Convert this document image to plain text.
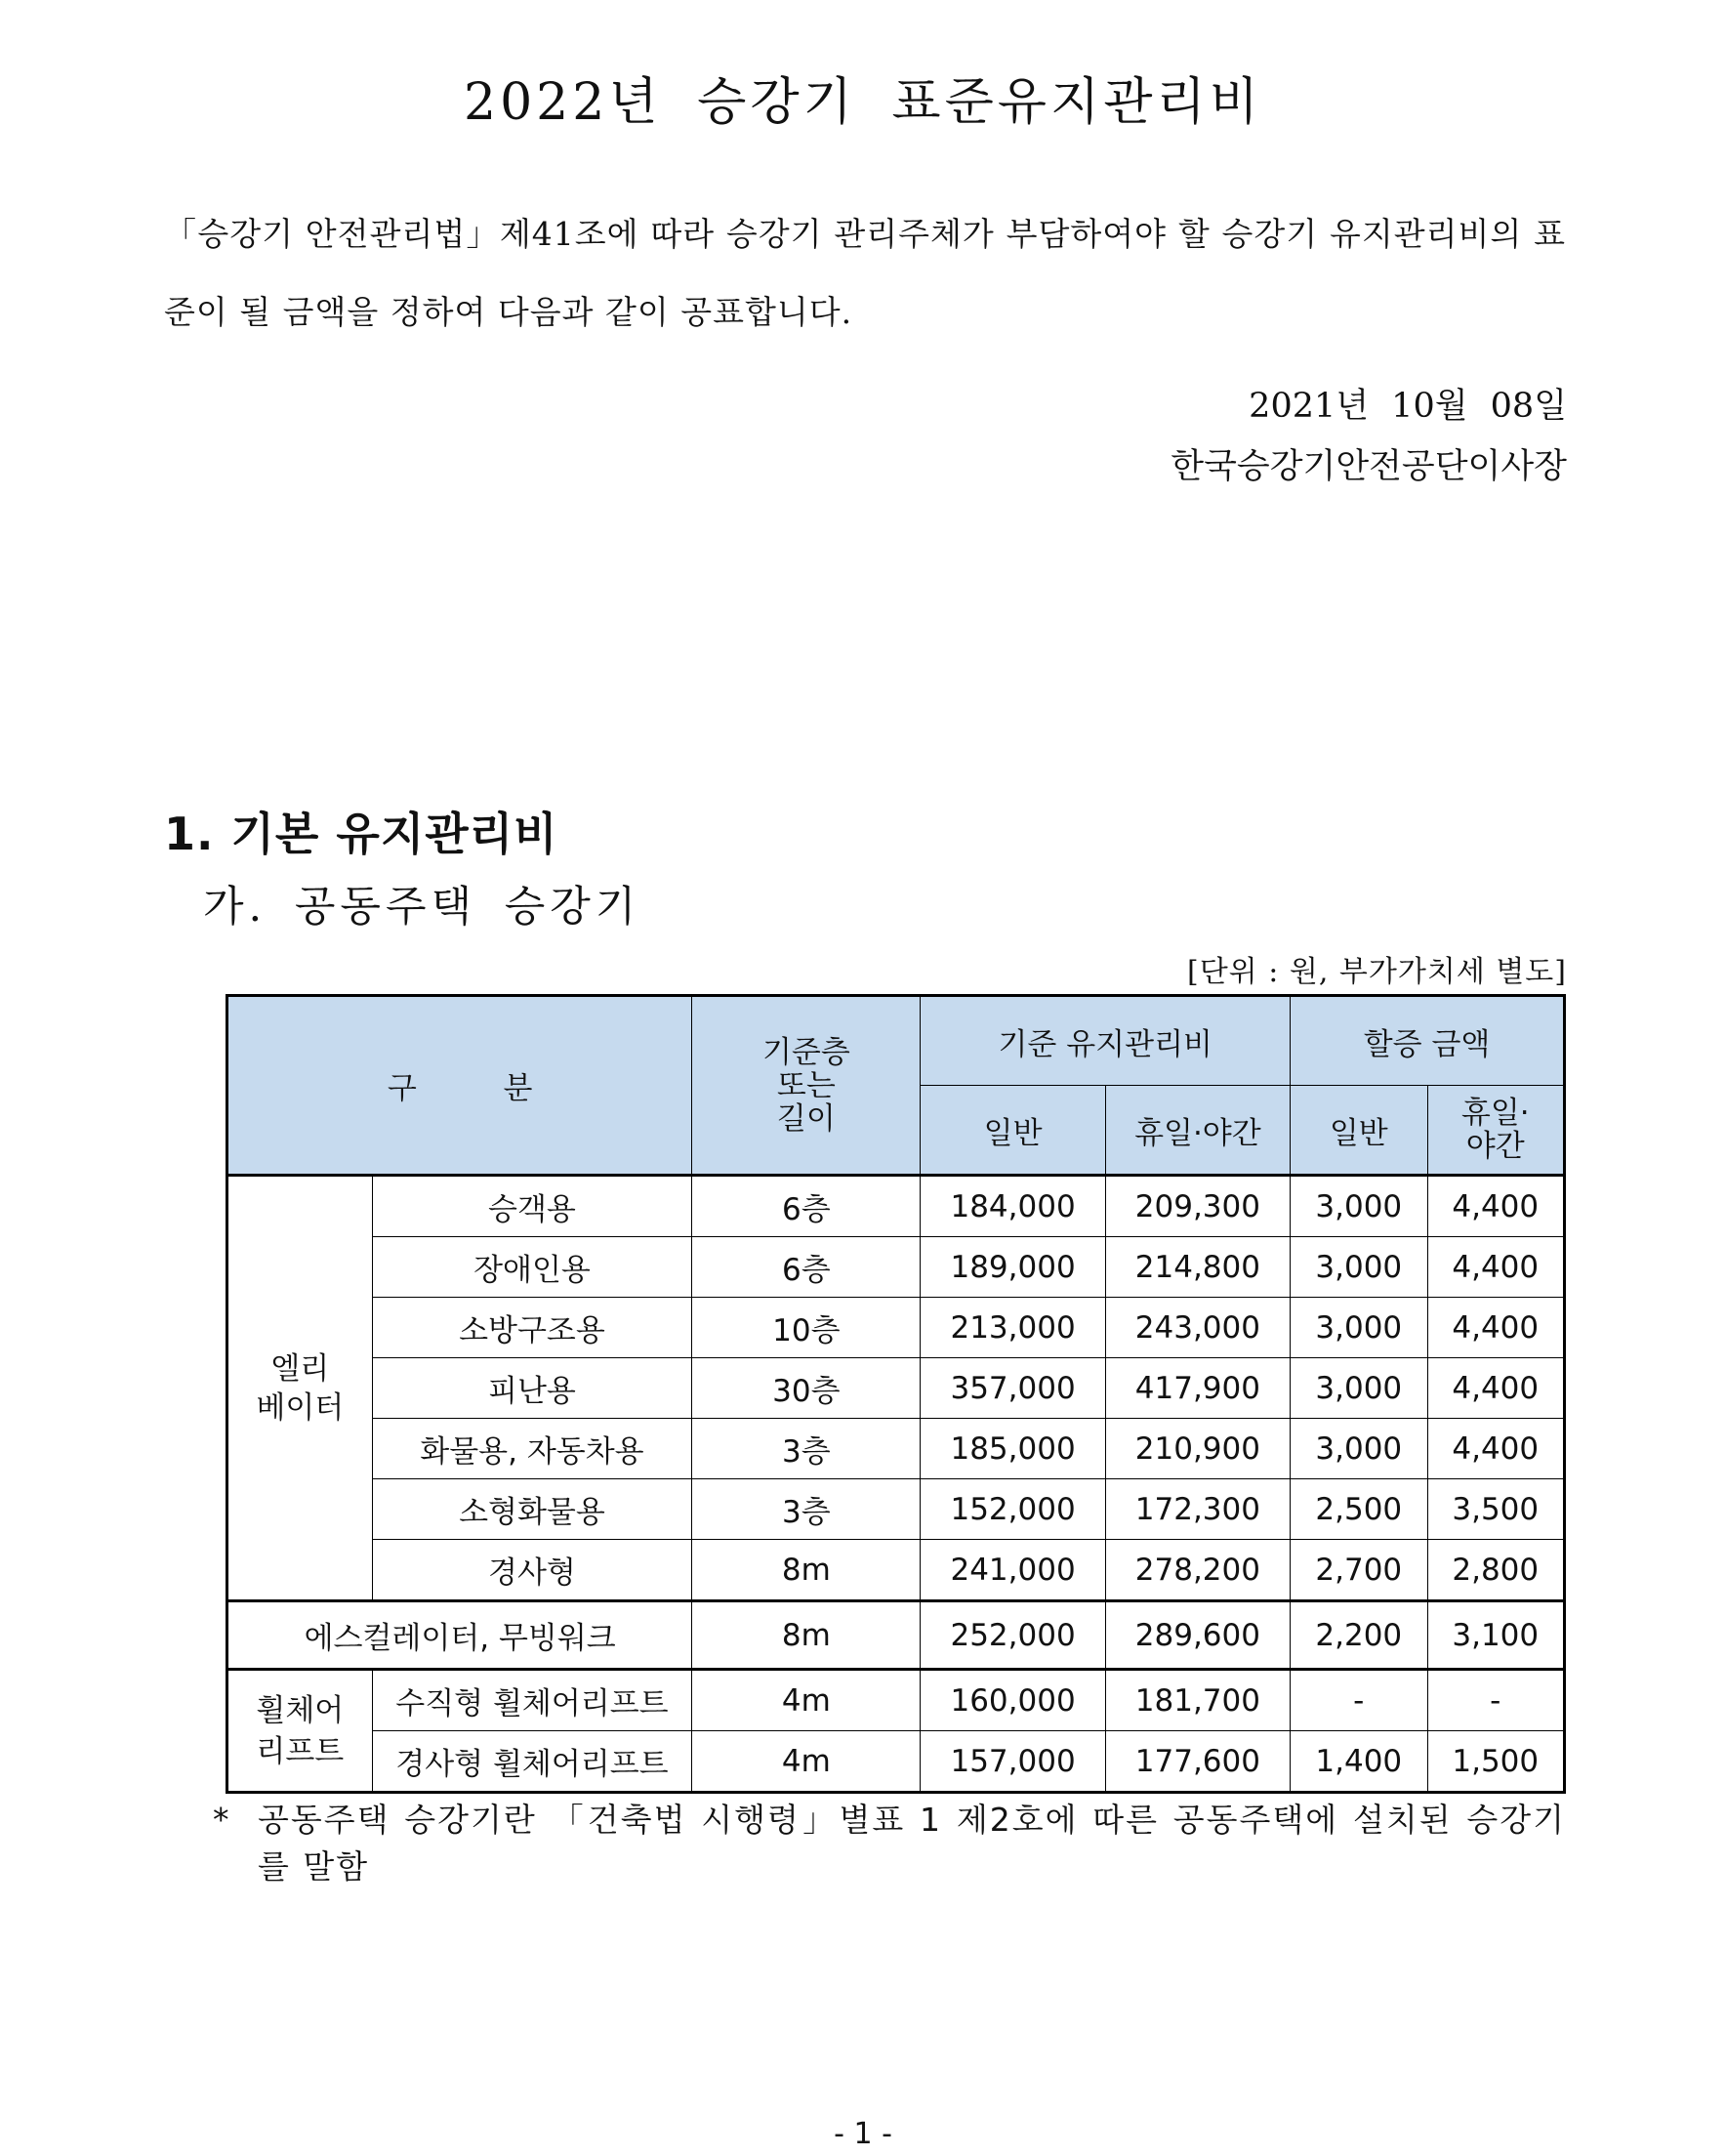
2022년 승강기 표준유지관리비
「승강기 안전관리법」제41조에 따라 승강기 관리주체가 부담하여야 할 승강기 유지관리비의 표준이 될 금액을 정하여 다음과 같이 공표합니다.
2021년 10월 08일
한국승강기안전공단이사장
1. 기본 유지관리비
가. 공동주택 승강기
[단위 : 원, 부가가치세 별도]
구         분		기준층
또는
길이	기준 유지관리비		할증 금액	
			일반	휴일·야간	일반	휴일·
야간
엘리
베이터	승객용	6층	184,000	209,300	3,000	4,400
	장애인용	6층	189,000	214,800	3,000	4,400
	소방구조용	10층	213,000	243,000	3,000	4,400
	피난용	30층	357,000	417,900	3,000	4,400
	화물용, 자동차용	3층	185,000	210,900	3,000	4,400
	소형화물용	3층	152,000	172,300	2,500	3,500
	경사형	8m	241,000	278,200	2,700	2,800
에스컬레이터, 무빙워크		8m	252,000	289,600	2,200	3,100
휠체어
리프트	수직형 휠체어리프트	4m	160,000	181,700	-	-
	경사형 휠체어리프트	4m	157,000	177,600	1,400	1,500
* 공동주택 승강기란 「건축법 시행령」별표 1 제2호에 따른 공동주택에 설치된 승강기를 말함
- 1 -
